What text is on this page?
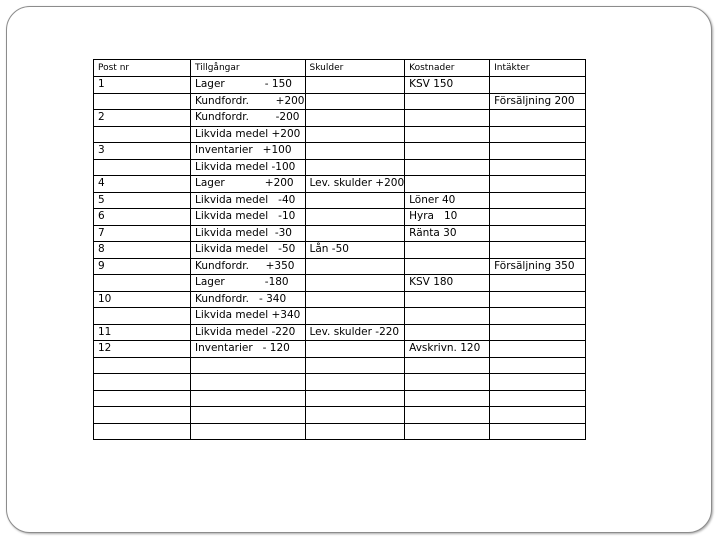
Post nr	Tillgångar	Skulder	Kostnader	Intäkter
1	Lager            - 150		KSV 150	
	Kundfordr.        +200			Försäljning 200
2	Kundfordr.        -200			
	Likvida medel +200			
3	Inventarier   +100			
	Likvida medel -100			
4	Lager            +200	Lev. skulder +200		
5	Likvida medel   -40		Löner 40	
6	Likvida medel   -10		Hyra   10	
7	Likvida medel  -30		Ränta 30	
8	Likvida medel   -50	Lån -50		
9	Kundfordr.     +350			Försäljning 350
	Lager            -180		KSV 180	
10	Kundfordr.   - 340			
	Likvida medel +340			
11	Likvida medel -220	Lev. skulder -220		
12	Inventarier   - 120		Avskrivn. 120	
